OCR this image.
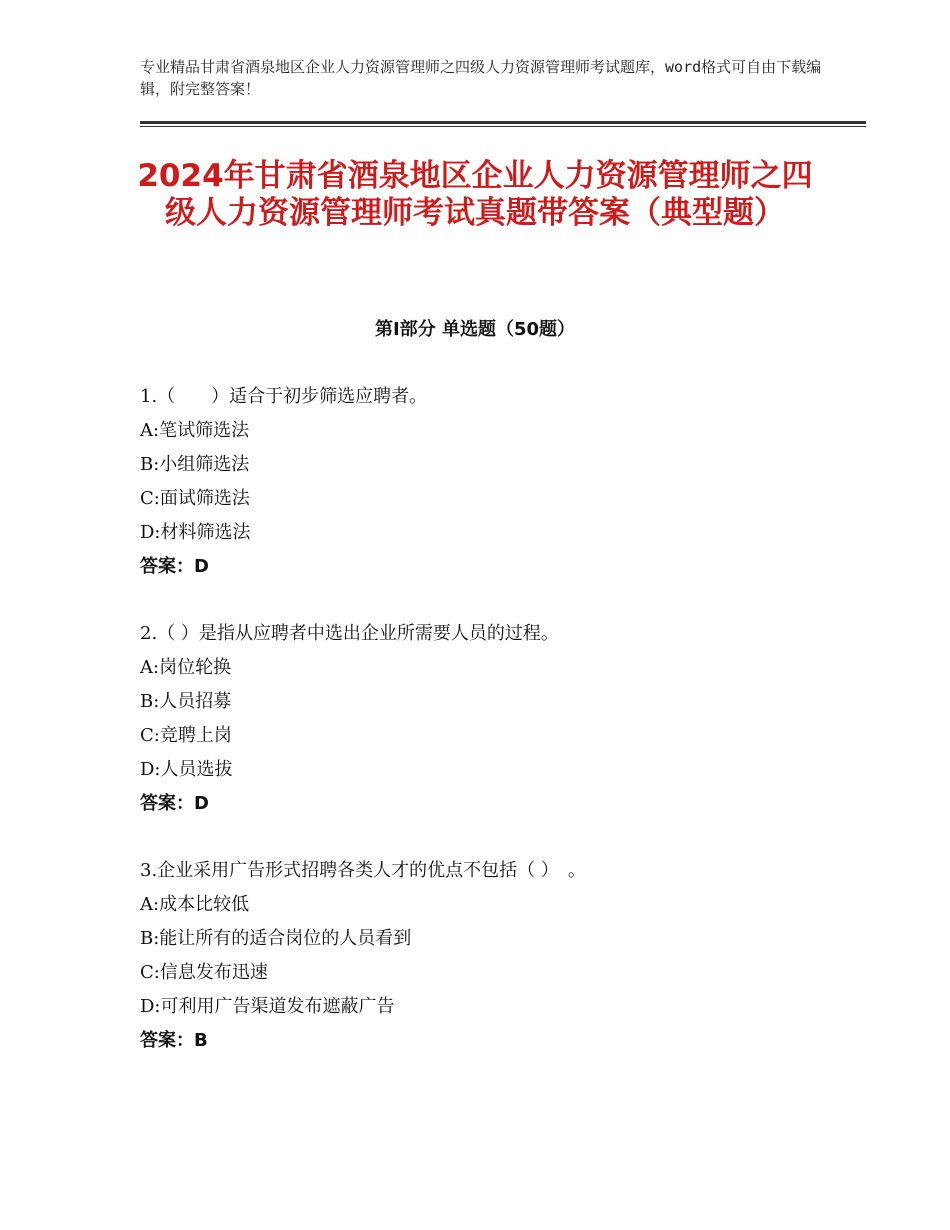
专业精品甘肃省酒泉地区企业人力资源管理师之四级人力资源管理师考试题库，word格式可自由下载编辑，附完整答案！
2024年甘肃省酒泉地区企业人力资源管理师之四级人力资源管理师考试真题带答案（典型题）
第Ⅰ部分 单选题（50题）
1.（　　）适合于初步筛选应聘者。
A:笔试筛选法
B:小组筛选法
C:面试筛选法
D:材料筛选法
答案：D
2.（ ）是指从应聘者中选出企业所需要人员的过程。
A:岗位轮换
B:人员招募
C:竞聘上岗
D:人员选拔
答案：D
3.企业采用广告形式招聘各类人才的优点不包括（ ）　。
A:成本比较低
B:能让所有的适合岗位的人员看到
C:信息发布迅速
D:可利用广告渠道发布遮蔽广告
答案：B
